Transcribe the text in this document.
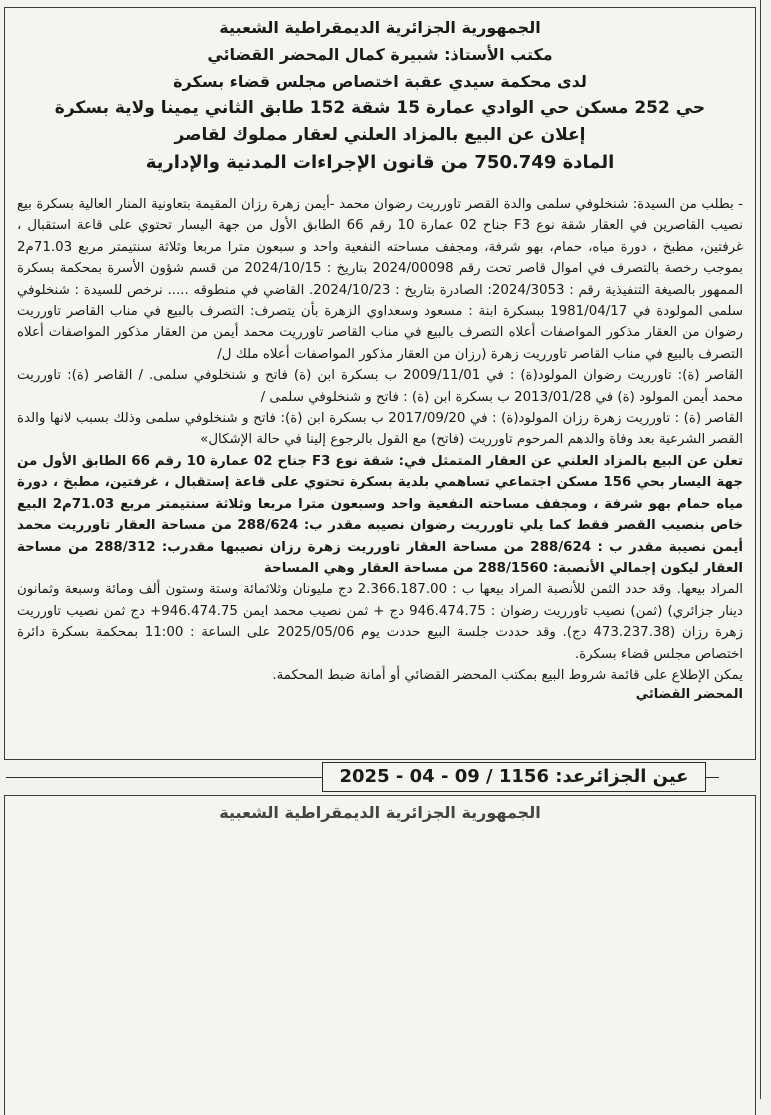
الجمهورية الجزائرية الديمقراطية الشعبية
مكتب الأستاذ: شبيرة كمال المحضر القضائي
لدى محكمة سيدي عقبة اختصاص مجلس قضاء بسكرة
حي 252 مسكن حي الوادي عمارة 15 شقة 152 طابق الثاني يمينا ولاية بسكرة
إعلان عن البيع بالمزاد العلني لعقار مملوك لقاصر
المادة 750.749 من قانون الإجراءات المدنية والإدارية

- بطلب من السيدة: شنخلوفي سلمى والدة القصر تاورريت رضوان محمد -أيمن زهرة رزان المقيمة بتعاونية المنار العالية بسكرة بيع نصيب القاصرين في العقار شقة نوع F3 جناح 02 عمارة 10 رقم 66 الطابق الأول من جهة اليسار تحتوي على قاعة استقبال ، غرفتين، مطبخ ، دورة مياه، حمام، بهو شرفة، ومجفف مساحته النفعية واحد و سبعون مترا مربعا وثلاثة سنتيمتر مربع 71.03م2 بموجب رخصة بالتصرف في اموال قاصر تحت رقم 2024/00098 بتاريخ : 2024/10/15 من قسم شؤون الأسرة بمحكمة بسكرة الممهور بالصيغة التنفيذية رقم : 2024/3053: الصادرة بتاريخ : 2024/10/23. القاضي في منطوقه ..... نرخص للسيدة : شنخلوفي سلمى المولودة في 1981/04/17 ببسكرة ابنة : مسعود وسعداوي الزهرة بأن يتصرف: التصرف بالبيع في مناب القاصر تاورريت رضوان من العقار مذكور المواصفات أعلاه التصرف بالبيع في مناب القاصر تاورريت محمد أيمن من العقار مذكور المواصفات أعلاه التصرف بالبيع في مناب القاصر تاورريت زهرة (رزان من العقار مذكور المواصفات أعلاه ملك ل/

القاصر (ة): تاورريت رضوان المولود(ة) : في 2009/11/01 ب بسكرة ابن (ة) فاتح و شنخلوفي سلمى. / القاصر (ة): تاورريت محمد أيمن المولود (ة) في 2013/01/28 ب بسكرة ابن (ة) : فاتح و شنخلوفي سلمى /

القاصر (ة) : تاورريت زهرة رزان المولود(ة) : في 2017/09/20 ب بسكرة ابن (ة): فاتح و شنخلوفي سلمى وذلك بسبب لانها والدة القصر الشرعية بعد وفاة والدهم المرحوم تاورريت (فاتح) مع القول بالرجوع إلينا في حالة الإشكال»

تعلن عن البيع بالمزاد العلني عن العقار المتمثل في: شقة نوع F3 جناح 02 عمارة 10 رقم 66 الطابق الأول من جهة اليسار بحي 156 مسكن اجتماعي تساهمي بلدية بسكرة تحتوي على قاعة إستقبال ، غرفتين، مطبخ ، دورة مياه حمام بهو شرفة ، ومجفف مساحته النفعية واحد وسبعون مترا مربعا وثلاثة سنتيمتر مربع 71.03م2 البيع خاص بنصيب القصر فقط كما يلي تاورريت رضوان نصيبه مقدر ب: 288/624 من مساحة العقار تاورريت محمد أيمن نصيبة مقدر ب : 288/624 من مساحة العقار تاورريت زهرة رزان نصيبها مقدرب: 288/312 من مساحة العقار ليكون إجمالي الأنصبة: 288/1560 من مساحة العقار وهي المساحة

المراد بيعها. وقد حدد الثمن للأنصبة المراد بيعها ب : 2.366.187.00 دج مليونان وثلاثمائة وستة وستون ألف ومائة وسبعة وثمانون دينار جزائري) (ثمن) نصيب تاورريت رضوان : 946.474.75 دج + ثمن نصيب محمد ايمن 946.474.75+ دج ثمن نصيب تاورريت زهرة رزان (473.237.38 دج). وقد حددت جلسة البيع حددت يوم 2025/05/06 على الساعة : 11:00 بمحكمة بسكرة دائرة اختصاص مجلس قضاء بسكرة.

يمكن الإطلاع على قائمة شروط البيع بمكتب المحضر القضائي أو أمانة ضبط المحكمة.

المحضر القضائي
عين الجزائرعد: 1156 / 09 - 04 - 2025
الجمهورية الجزائرية الديمقراطية الشعبية
